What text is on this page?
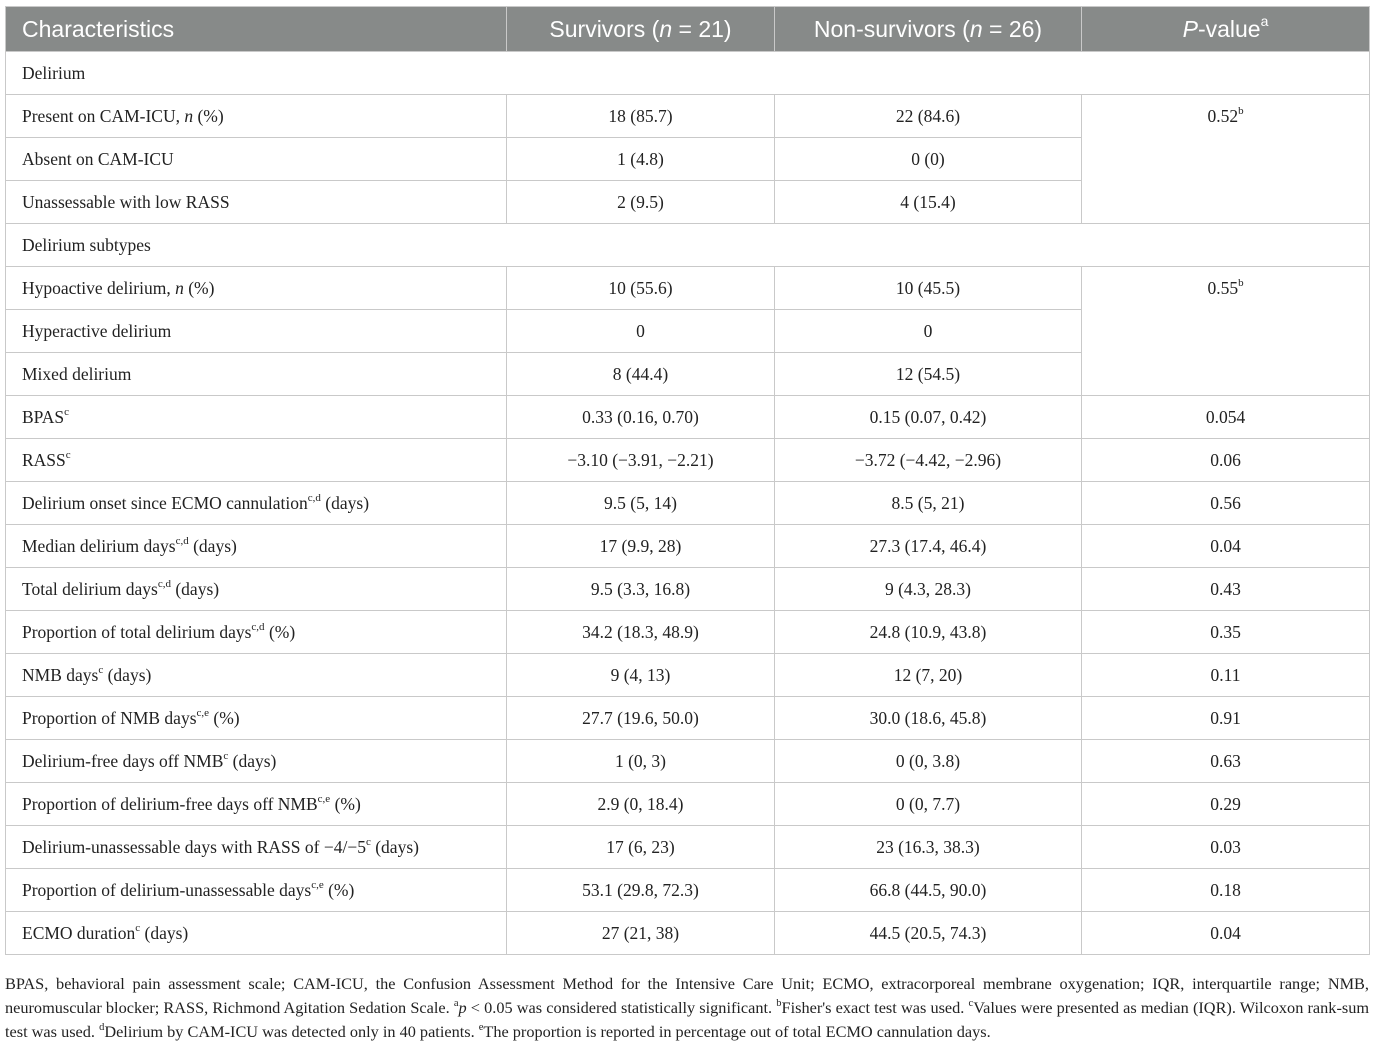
Characteristics	Survivors (n = 21)	Non-survivors (n = 26)	P-value$^a$
Delirium			
Present on CAM-ICU, n (%)	18 (85.7)	22 (84.6)	0.52$^b$
Absent on CAM-ICU	1 (4.8)	0 (0)	
Unassessable with low RASS	2 (9.5)	4 (15.4)	
Delirium subtypes			
Hypoactive delirium, n (%)	10 (55.6)	10 (45.5)	0.55$^b$
Hyperactive delirium	0	0	
Mixed delirium	8 (44.4)	12 (54.5)	
BPAS$^c$	0.33 (0.16, 0.70)	0.15 (0.07, 0.42)	0.054
$RASS^c$	−3.10 (−3.91, −2.21)	−3.72 (−4.42, −2.96)	0.06
Delirium onset since ECMO cannulation$^{c,d}$ (days)	9.5 (5, 14)	8.5 (5, 21)	0.56
Median delirium days$^{c,d}$ (days)	17 (9.9, 28)	27.3 (17.4, 46.4)	0.04
Total delirium days$^{c,d}$ (days)	9.5 (3.3, 16.8)	9 (4.3, 28.3)	0.43
Proportion of total delirium days$^{c,d}$ (%)	34.2 (18.3, 48.9)	24.8 (10.9, 43.8)	0.35
NMB days$^c$ (days)	9 (4, 13)	12 (7, 20)	0.11
Proportion of NMB days$^{c,e}$ (%)	27.7 (19.6, 50.0)	30.0 (18.6, 45.8)	0.91
Delirium-free days off NMB$^c$ (days)	1 (0, 3)	0 (0, 3.8)	0.63
Proportion of delirium-free days off NMB$^{c,e}$ (%)	2.9 (0, 18.4)	0 (0, 7.7)	0.29
Delirium-unassessable days with RASS of $-4/-5^c$ (days)	17 (6, 23)	23 (16.3, 38.3)	0.03
Proportion of delirium-unassessable days$^{c,e}$ (%)	53.1 (29.8, 72.3)	66.8 (44.5, 90.0)	0.18
ECMO duration$^c$ (days)	27 (21, 38)	44.5 (20.5, 74.3)	0.04

BPAS, behavioral pain assessment scale; CAM-ICU, the Confusion Assessment Method for the Intensive Care Unit; ECMO, extracorporeal membrane oxygenation; IQR, interquartile range; NMB, neuromuscular blocker; RASS, Richmond Agitation Sedation Scale. $^a$p < 0.05 was considered statistically significant. $^b$Fisher's exact test was used. $^c$Values were presented as median (IQR). Wilcoxon rank-sum test was used. $^d$Delirium by CAM-ICU was detected only in 40 patients. $^e$The proportion is reported in percentage out of total ECMO cannulation days.
